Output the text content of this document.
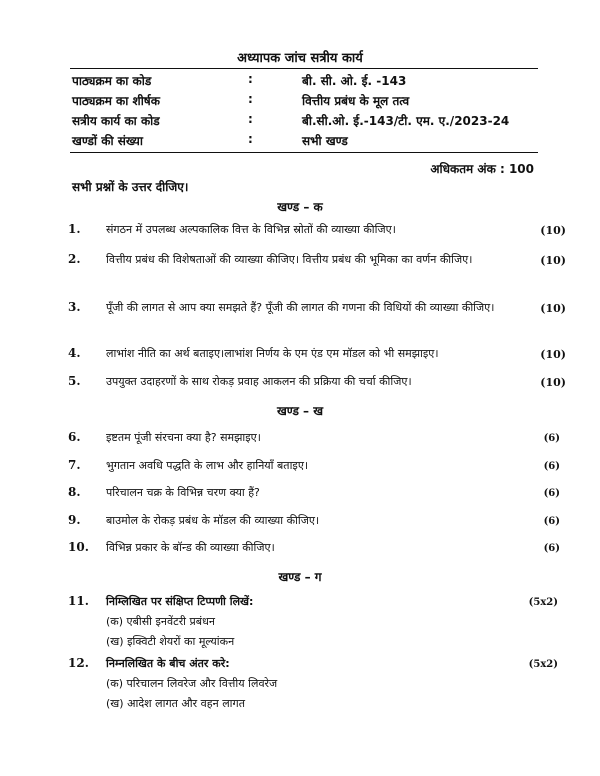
अध्यापक जांच सत्रीय कार्य
पाठ्यक्रम का कोड	:	बी. सी. ओ. ई. -143
पाठ्यक्रम का शीर्षक	:	वित्तीय प्रबंध के मूल तत्व
सत्रीय कार्य का कोड	:	बी.सी.ओ. ई.-143/टी. एम. ए./2023-24
खण्डों की संख्या	:	सभी खण्ड
अधिकतम अंक : 100
सभी प्रश्नों के उत्तर दीजिए।
खण्ड – क
1. संगठन में उपलब्ध अल्पकालिक वित्त के विभिन्न स्रोतों की व्याख्या कीजिए।	(10)
2. वित्तीय प्रबंध की विशेषताओं की व्याख्या कीजिए। वित्तीय प्रबंध की भूमिका का वर्णन कीजिए।	(10)
3. पूँजी की लागत से आप क्या समझते हैं? पूँजी की लागत की गणना की विधियों की व्याख्या कीजिए।	(10)
4. लाभांश नीति का अर्थ बताइए।लाभांश निर्णय के एम एंड एम मॉडल को भी समझाइए।	(10)
5. उपयुक्त उदाहरणों के साथ रोकड़ प्रवाह आकलन की प्रक्रिया की चर्चा कीजिए।	(10)
खण्ड – ख
6. इष्टतम पूंजी संरचना क्या है? समझाइए।	(6)
7. भुगतान अवधि पद्धति के लाभ और हानियाँ बताइए।	(6)
8. परिचालन चक्र के विभिन्न चरण क्या हैं?	(6)
9. बाउमोल के रोकड़ प्रबंध के मॉडल की व्याख्या कीजिए।	(6)
10. विभिन्न प्रकार के बॉन्ड की व्याख्या कीजिए।	(6)
खण्ड – ग
11. निम्लिखित पर संक्षिप्त टिप्पणी लिखें:	(5x2)
(क) एबीसी इनवेंटरी प्रबंधन
(ख) इक्विटी शेयरों का मूल्यांकन
12. निम्नलिखित के बीच अंतर करे:	(5x2)
(क) परिचालन लिवरेज और वित्तीय लिवरेज
(ख) आदेश लागत और वहन लागत
